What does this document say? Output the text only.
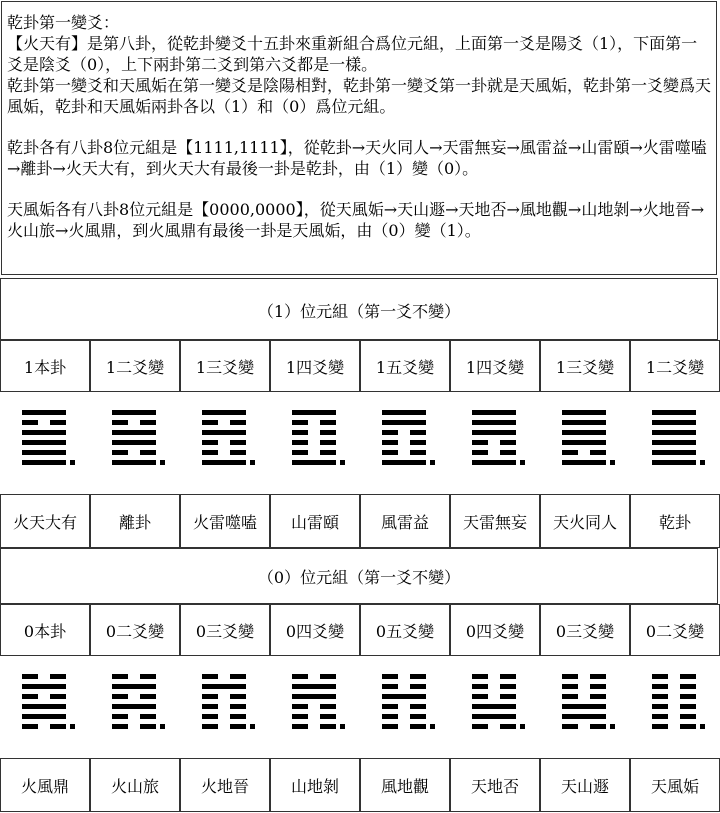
乾卦第一變爻：

【火天有】是第八卦，從乾卦變爻十五卦來重新組合爲位元組，上面第一爻是陽爻（1），下面第一爻是陰爻（0），上下兩卦第二爻到第六爻都是一樣。

乾卦第一變爻和天風姤在第一變爻是陰陽相對，乾卦第一變爻第一卦就是天風姤，乾卦第一爻變爲天風姤，乾卦和天風姤兩卦各以（1）和（0）爲位元組。

乾卦各有八卦8位元組是【1111,1111】，從乾卦→天火同人→天雷無妄→風雷益→山雷頤→火雷噬嗑→離卦→火天大有，到火天大有最後一卦是乾卦，由（1）變（0）。

天風姤各有八卦8位元組是【0000,0000】，從天風姤→天山遯→天地否→風地觀→山地剝→火地晉→火山旅→火風鼎，到火風鼎有最後一卦是天風姤，由（0）變（1）。

（1）位元組（第一爻不變）
1本卦	1二爻變	1三爻變	1四爻變	1五爻變	1四爻變	1三爻變	1二爻變
火天大有	離卦	火雷噬嗑	山雷頤	風雷益	天雷無妄	天火同人	乾卦
（0）位元組（第一爻不變）
0本卦	0二爻變	0三爻變	0四爻變	0五爻變	0四爻變	0三爻變	0二爻變
火風鼎	火山旅	火地晉	山地剝	風地觀	天地否	天山遯	天風姤
